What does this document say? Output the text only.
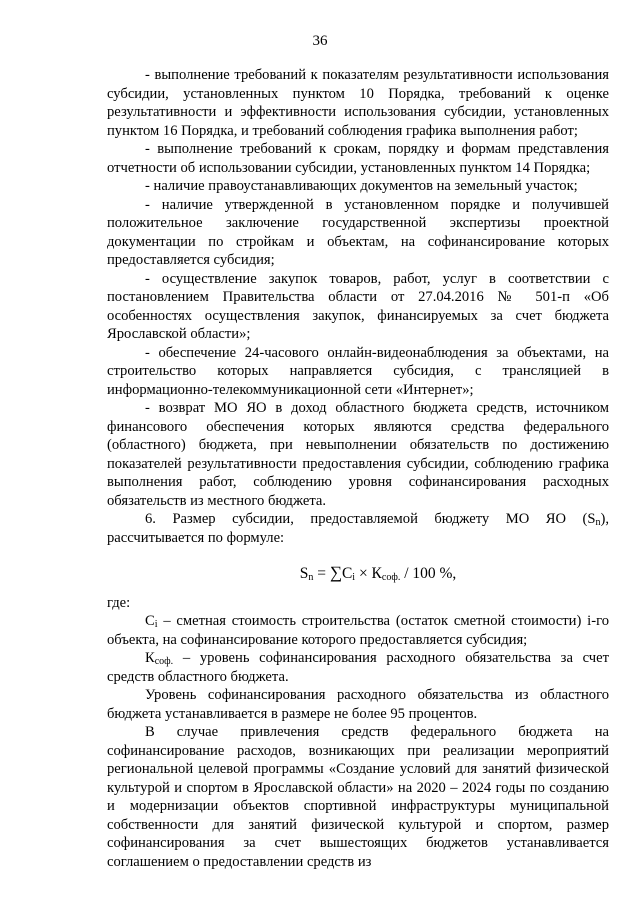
36

- выполнение требований к показателям результативности использования субсидии, установленных пунктом 10 Порядка, требований к оценке результативности и эффективности использования субсидии, установленных пунктом 16 Порядка, и требований соблюдения графика выполнения работ;

- выполнение требований к срокам, порядку и формам представления отчетности об использовании субсидии, установленных пунктом 14 Порядка;

- наличие правоустанавливающих документов на земельный участок;

- наличие утвержденной в установленном порядке и получившей положительное заключение государственной экспертизы проектной документации по стройкам и объектам, на софинансирование которых предоставляется субсидия;

- осуществление закупок товаров, работ, услуг в соответствии с постановлением Правительства области от 27.04.2016 № 501-п «Об особенностях осуществления закупок, финансируемых за счет бюджета Ярославской области»;

- обеспечение 24-часового онлайн-видеонаблюдения за объектами, на строительство которых направляется субсидия, с трансляцией в информационно-телекоммуникационной сети «Интернет»;

- возврат МО ЯО в доход областного бюджета средств, источником финансового обеспечения которых являются средства федерального (областного) бюджета, при невыполнении обязательств по достижению показателей результативности предоставления субсидии, соблюдению графика выполнения работ, соблюдению уровня софинансирования расходных обязательств из местного бюджета.

6. Размер субсидии, предоставляемой бюджету МО ЯО $(S_n)$, рассчитывается по формуле:

$S_n = \sum C_i \times К_{соф.} / 100$ %,

где:

$C_i$ – сметная стоимость строительства (остаток сметной стоимости) i-го объекта, на софинансирование которого предоставляется субсидия;

$К_{соф.}$ – уровень софинансирования расходного обязательства за счет средств областного бюджета.

Уровень софинансирования расходного обязательства из областного бюджета устанавливается в размере не более 95 процентов.

В случае привлечения средств федерального бюджета на софинансирование расходов, возникающих при реализации мероприятий региональной целевой программы «Создание условий для занятий физической культурой и спортом в Ярославской области» на 2020 – 2024 годы по созданию и модернизации объектов спортивной инфраструктуры муниципальной собственности для занятий физической культурой и спортом, размер софинансирования за счет вышестоящих бюджетов устанавливается соглашением о предоставлении средств из
